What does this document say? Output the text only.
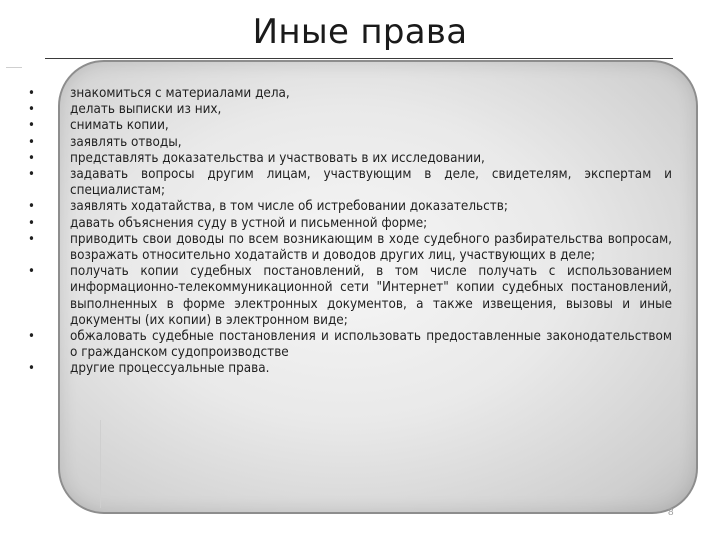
Иные права
• знакомиться с материалами дела,
• делать выписки из них,
• снимать копии,
• заявлять отводы,
• представлять доказательства и участвовать в их исследовании,
• задавать вопросы другим лицам, участвующим в деле, свидетелям, экспертам и специалистам;
• заявлять ходатайства, в том числе об истребовании доказательств;
• давать объяснения суду в устной и письменной форме;
• приводить свои доводы по всем возникающим в ходе судебного разбирательства вопросам, возражать относительно ходатайств и доводов других лиц, участвующих в деле;
• получать копии судебных постановлений, в том числе получать с использованием информационно-телекоммуникационной сети "Интернет" копии судебных постановлений, выполненных в форме электронных документов, а также извещения, вызовы и иные документы (их копии) в электронном виде;
• обжаловать судебные постановления и использовать предоставленные законодательством о гражданском судопроизводстве
• другие процессуальные права.
8
